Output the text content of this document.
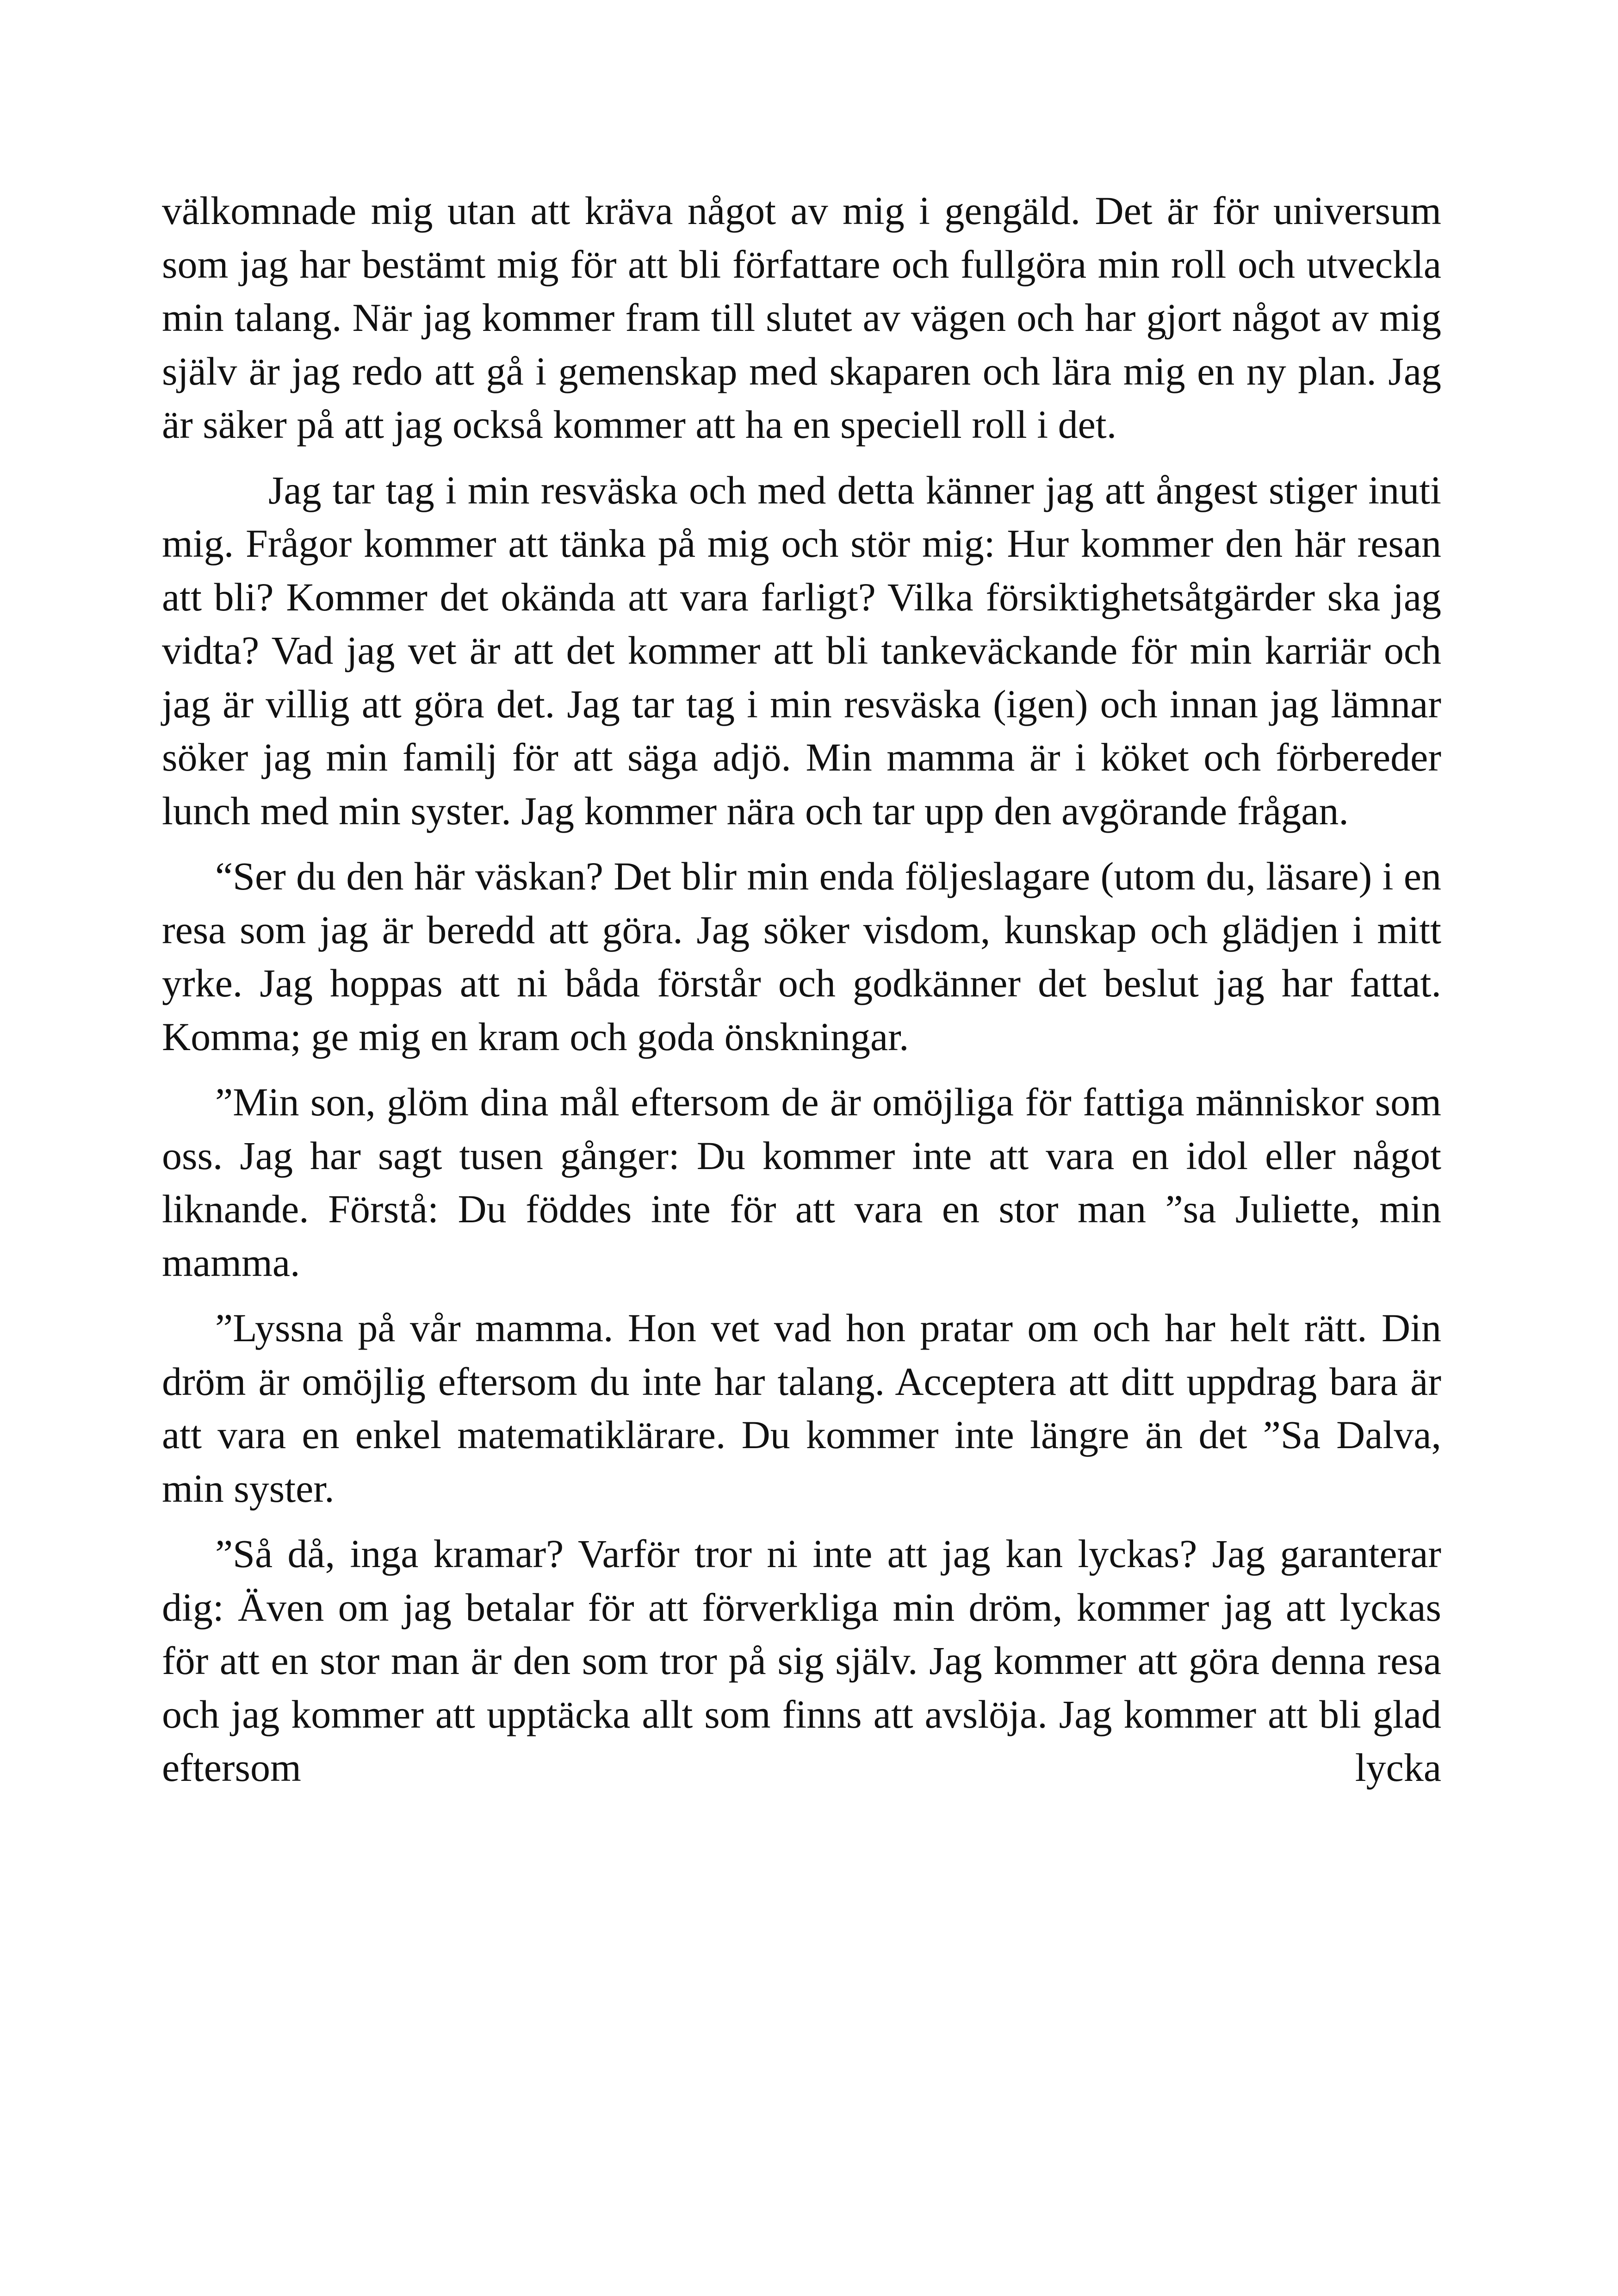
välkomnade mig utan att kräva något av mig i gengäld. Det är för universum som jag har bestämt mig för att bli författare och fullgöra min roll och utveckla min talang. När jag kommer fram till slutet av vägen och har gjort något av mig själv är jag redo att gå i gemenskap med skaparen och lära mig en ny plan. Jag är säker på att jag också kommer att ha en speciell roll i det.

Jag tar tag i min resväska och med detta känner jag att ångest stiger inuti mig. Frågor kommer att tänka på mig och stör mig: Hur kommer den här resan att bli? Kommer det okända att vara farligt? Vilka försiktighetsåtgärder ska jag vidta? Vad jag vet är att det kommer att bli tankeväckande för min karriär och jag är villig att göra det. Jag tar tag i min resväska (igen) och innan jag lämnar söker jag min familj för att säga adjö. Min mamma är i köket och förbereder lunch med min syster. Jag kommer nära och tar upp den avgörande frågan.

“Ser du den här väskan? Det blir min enda följeslagare (utom du, läsare) i en resa som jag är beredd att göra. Jag söker visdom, kunskap och glädjen i mitt yrke. Jag hoppas att ni båda förstår och godkänner det beslut jag har fattat. Komma; ge mig en kram och goda önskningar.

”Min son, glöm dina mål eftersom de är omöjliga för fattiga människor som oss. Jag har sagt tusen gånger: Du kommer inte att vara en idol eller något liknande. Förstå: Du föddes inte för att vara en stor man ”sa Juliette, min mamma.

”Lyssna på vår mamma. Hon vet vad hon pratar om och har helt rätt. Din dröm är omöjlig eftersom du inte har talang. Acceptera att ditt uppdrag bara är att vara en enkel matematiklärare. Du kommer inte längre än det ”Sa Dalva, min syster.

”Så då, inga kramar? Varför tror ni inte att jag kan lyckas? Jag garanterar dig: Även om jag betalar för att förverkliga min dröm, kommer jag att lyckas för att en stor man är den som tror på sig själv. Jag kommer att göra denna resa och jag kommer att upptäcka allt som finns att avslöja. Jag kommer att bli glad eftersom lycka
